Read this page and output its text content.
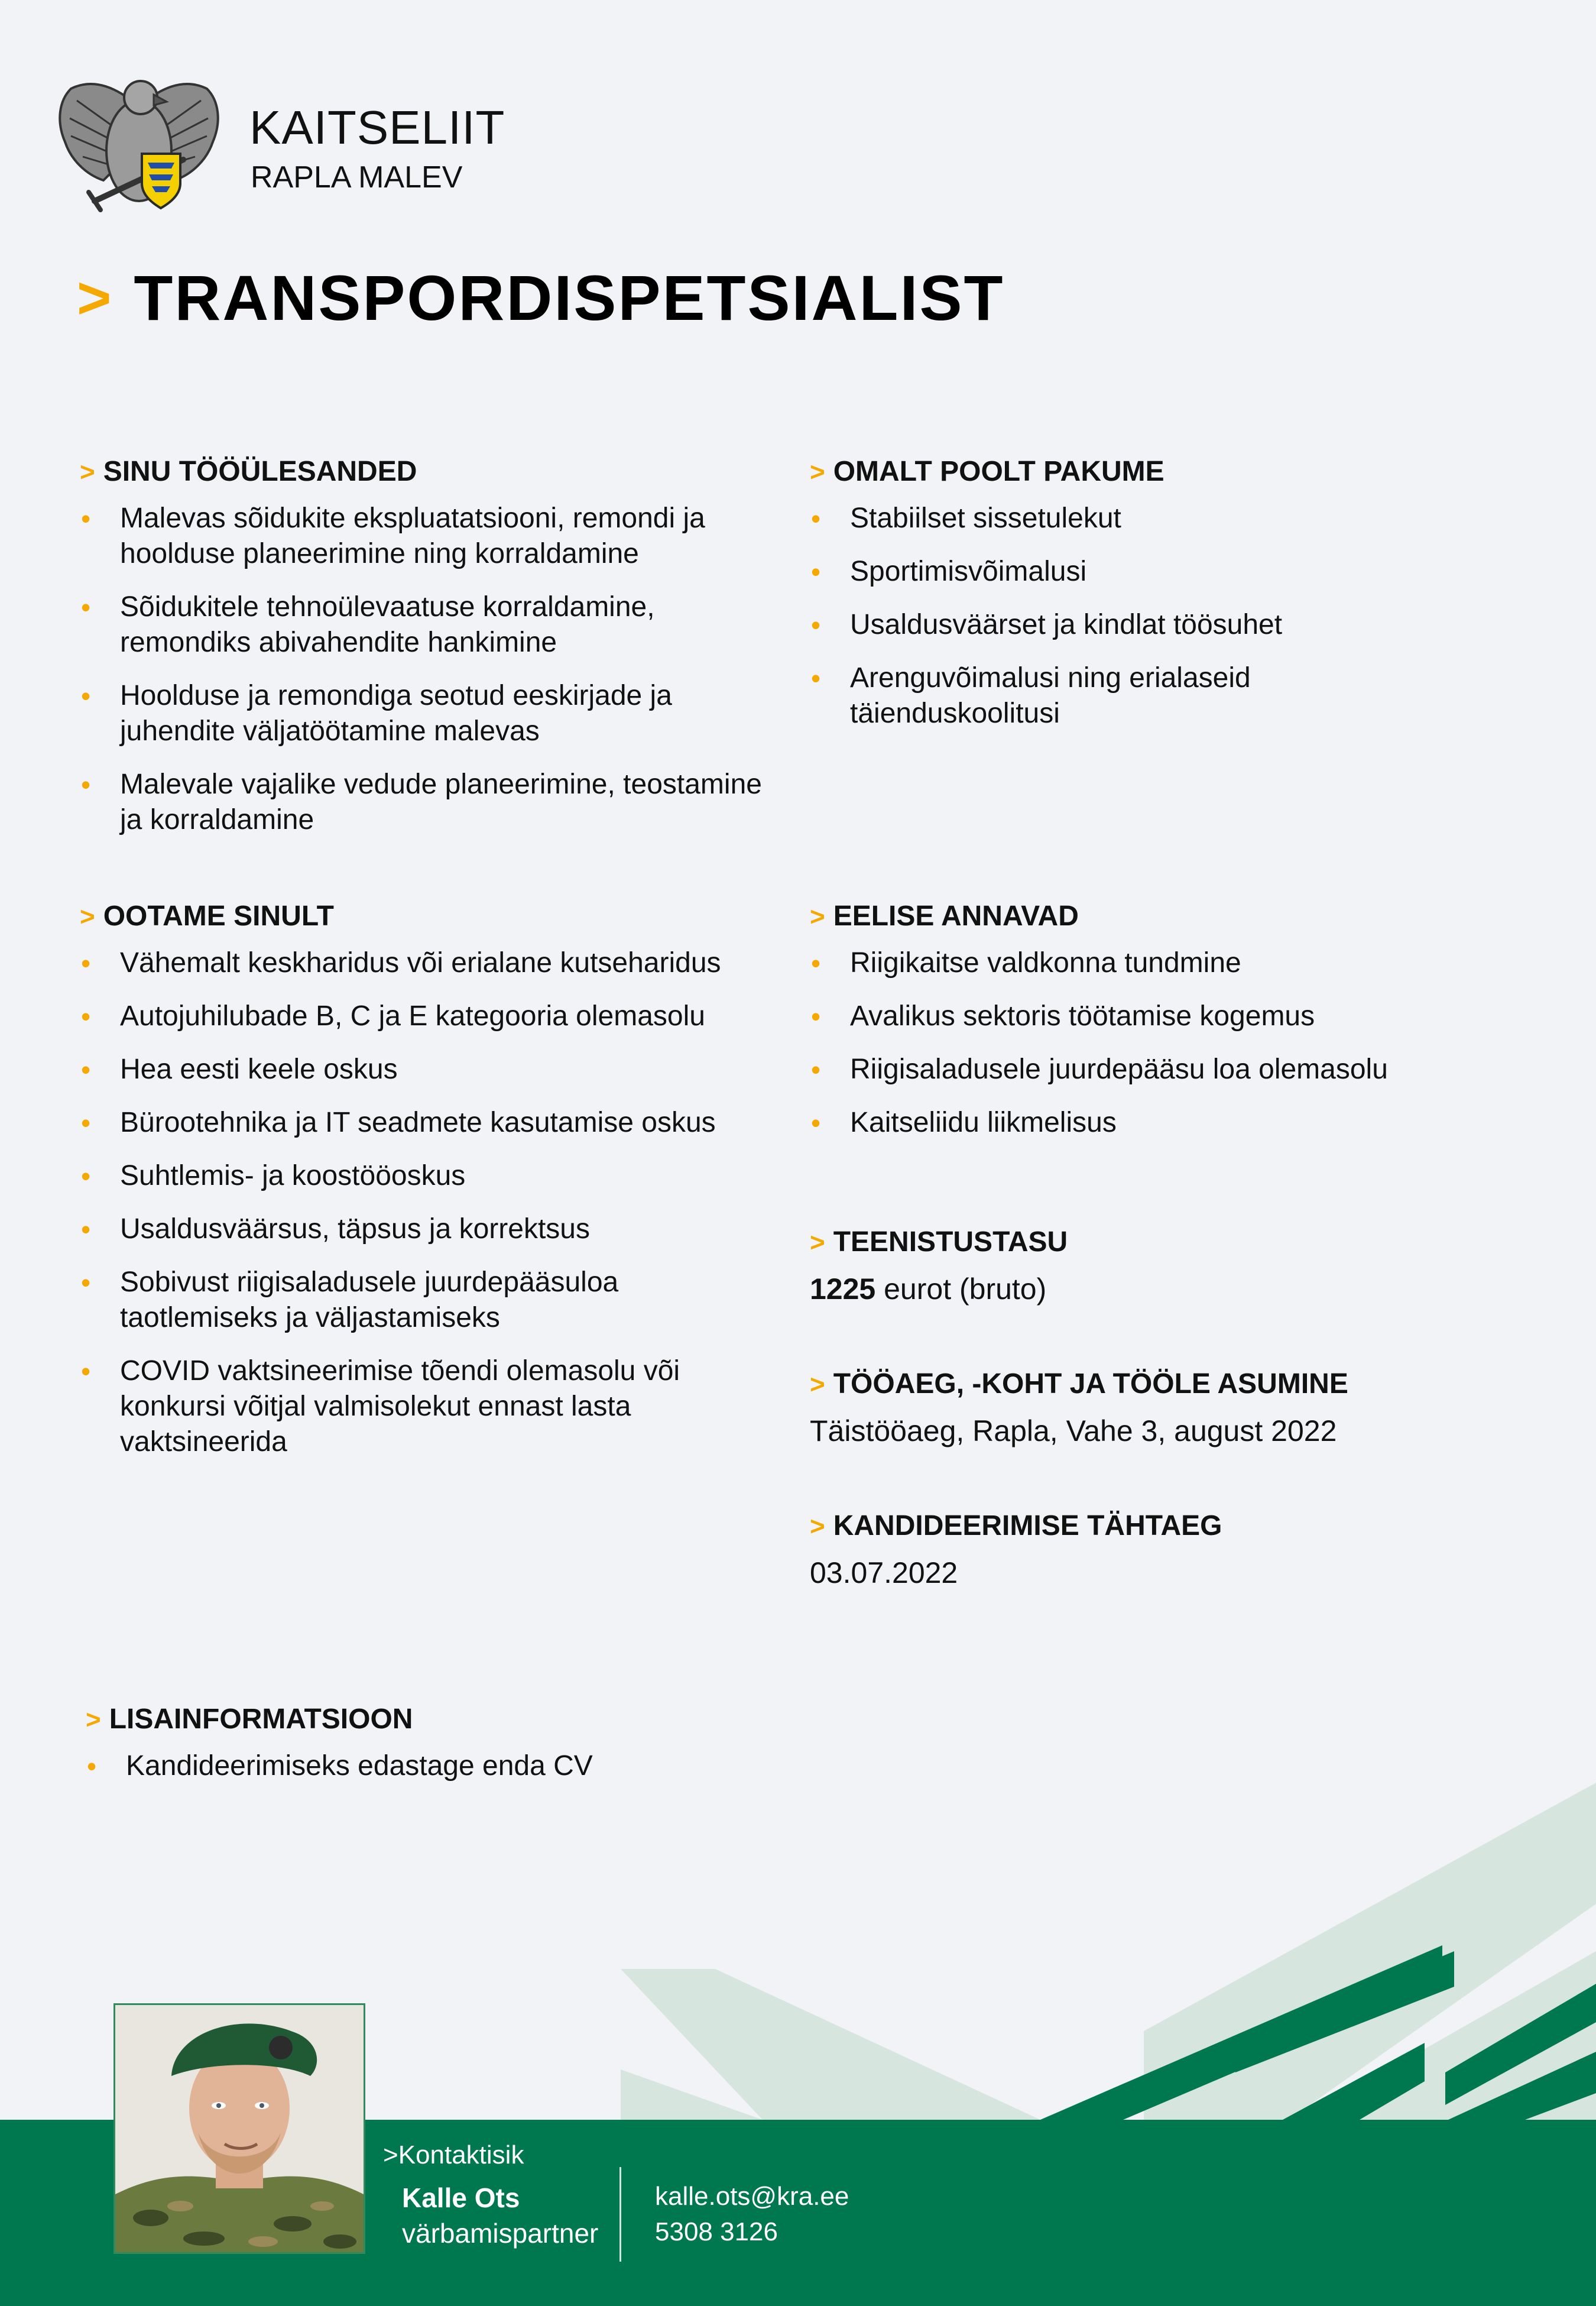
KAITSELIIT
RAPLA MALEV
> TRANSPORDISPETSIALIST
> SINU TÖÖÜLESANDED
• Malevas sõidukite ekspluatatsiooni, remondi ja hoolduse planeerimine ning korraldamine
• Sõidukitele tehnoülevaatuse korraldamine, remondiks abivahendite hankimine
• Hoolduse ja remondiga seotud eeskirjade ja juhendite väljatöötamine malevas
• Malevale vajalike vedude planeerimine, teostamine ja korraldamine
> OMALT POOLT PAKUME
• Stabiilset sissetulekut
• Sportimisvõimalusi
• Usaldusväärset ja kindlat töösuhet
• Arenguvõimalusi ning erialaseid täienduskoolitusi
> OOTAME SINULT
• Vähemalt keskharidus või erialane kutseharidus
• Autojuhilubade B, C ja E kategooria olemasolu
• Hea eesti keele oskus
• Bürootehnika ja IT seadmete kasutamise oskus
• Suhtlemis- ja koostööoskus
• Usaldusväärsus, täpsus ja korrektsus
• Sobivust riigisaladusele juurdepääsuloa taotlemiseks ja väljastamiseks
• COVID vaktsineerimise tõendi olemasolu või konkursi võitjal valmisolekut ennast lasta vaktsineerida
> EELISE ANNAVAD
• Riigikaitse valdkonna tundmine
• Avalikus sektoris töötamise kogemus
• Riigisaladusele juurdepääsu loa olemasolu
• Kaitseliidu liikmelisus
> TEENISTUSTASU
1225 eurot (bruto)
> TÖÖAEG, -KOHT JA TÖÖLE ASUMINE
Täistööaeg, Rapla, Vahe 3, august 2022
> KANDIDEERIMISE TÄHTAEG
03.07.2022
> LISAINFORMATSIOON
• Kandideerimiseks edastage enda CV
>Kontaktisik
Kalle Ots
värbamispartner
kalle.ots@kra.ee
5308 3126
